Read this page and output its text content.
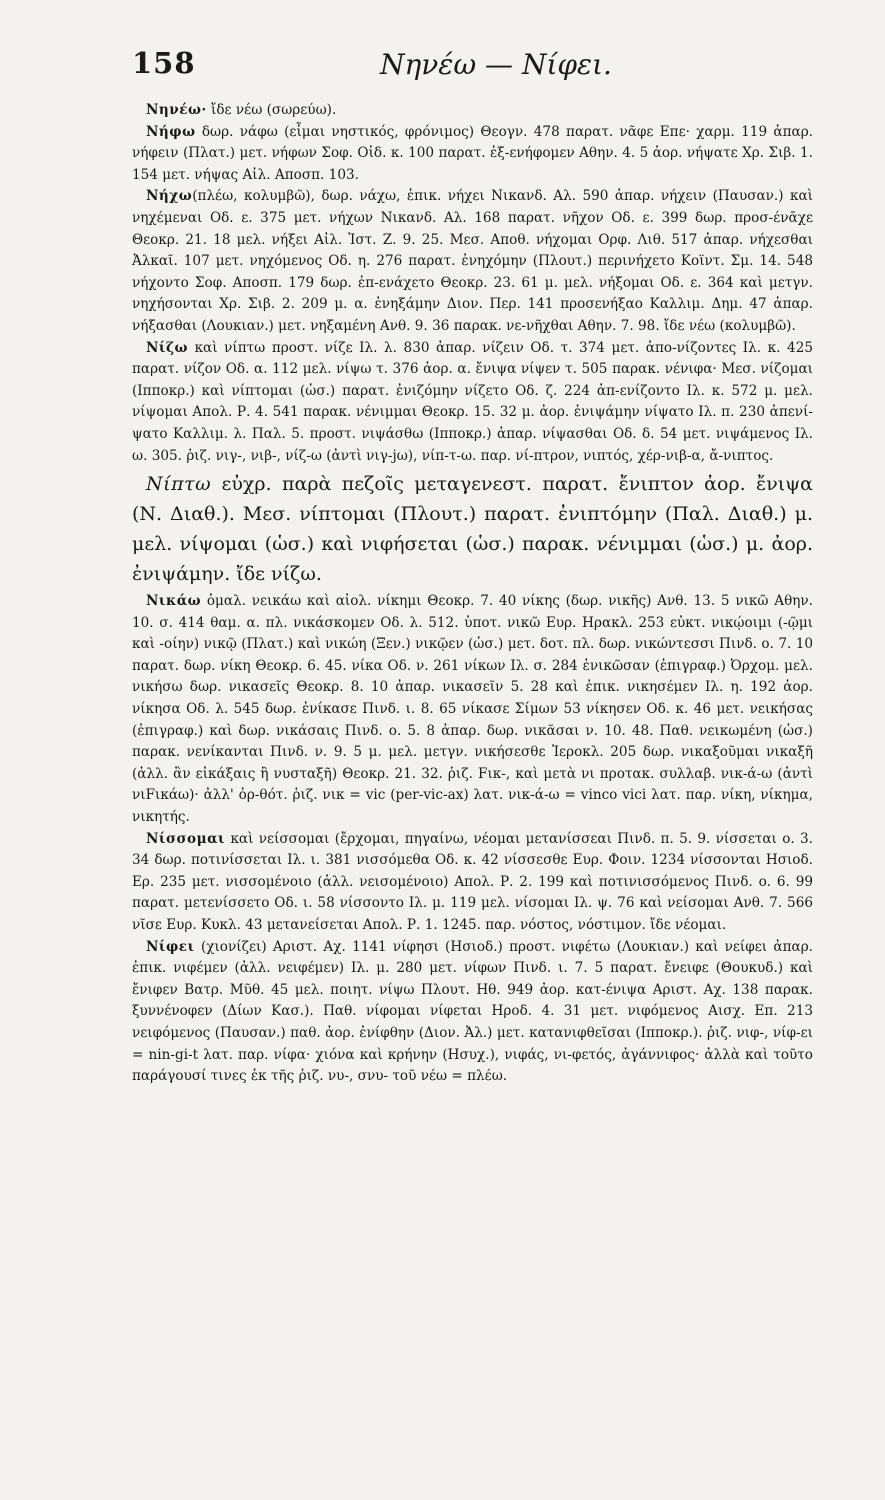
158	Νηνέω — Νίφει.

Νηνέω· ἴδε νέω (σωρεύω).

Νήφω δωρ. νάφω (εἶμαι νηστικός, φρόνιμος) Θεογν. 478 παρατ. νᾶφε Επε· χαρμ. 119 ἀπαρ. νήφειν (Πλατ.) μετ. νήφων Σοφ. Οἰδ. κ. 100 παρατ. ἐξ-ενήφομεν Αθην. 4. 5 ἀορ. νήψατε Χρ. Σιβ. 1. 154 μετ. νήψας Αἰλ. Αποσπ. 103.

Νήχω(πλέω, κολυμβῶ), δωρ. νάχω, ἐπικ. νήχει Νικανδ. Αλ. 590 ἀπαρ. νήχειν (Παυσαν.) καὶ νηχέμεναι Οδ. ε. 375 μετ. νήχων Νικανδ. Αλ. 168 παρατ. νῆχον Οδ. ε. 399 δωρ. προσ-ένᾱχε Θεοκρ. 21. 18 μελ. νήξει Αἰλ. Ἱστ. Ζ. 9. 25. Μεσ. Αποθ. νήχομαι Ορφ. Λιθ. 517 ἀπαρ. νήχεσθαι Ἀλκαῖ. 107 μετ. νηχόμενος Οδ. η. 276 παρατ. ἐνηχόμην (Πλουτ.) περινήχετο Κοϊντ. Σμ. 14. 548 νήχοντο Σοφ. Αποσπ. 179 δωρ. ἐπ-ενάχετο Θεοκρ. 23. 61 μ. μελ. νήξομαι Οδ. ε. 364 καὶ μετγν. νηχήσονται Χρ. Σιβ. 2. 209 μ. α. ἐνηξάμην Διον. Περ. 141 προσενήξαο Καλλιμ. Δημ. 47 ἀπαρ. νήξασθαι (Λουκιαν.) μετ. νηξαμένη Ανθ. 9. 36 παρακ. νε-νῆχθαι Αθην. 7. 98. ἴδε νέω (κολυμβῶ).

Νίζω καὶ νίπτω προστ. νίζε Ιλ. λ. 830 ἀπαρ. νίζειν Οδ. τ. 374 μετ. ἀπο-νίζοντες Ιλ. κ. 425 παρατ. νίζον Οδ. α. 112 μελ. νίψω τ. 376 ἀορ. α. ἔνιψα νίψεν τ. 505 παρακ. νένιφα· Μεσ. νίζομαι (Ιπποκρ.) καὶ νίπτομαι (ὡσ.) παρατ. ἐνιζόμην νίζετο Οδ. ζ. 224 ἀπ-ενίζοντο Ιλ. κ. 572 μ. μελ. νίψομαι Απολ. Ρ. 4. 541 παρακ. νένιμμαι Θεοκρ. 15. 32 μ. ἀορ. ἐνιψάμην νίψατο Ιλ. π. 230 ἀπενί-ψατο Καλλιμ. λ. Παλ. 5. προστ. νιψάσθω (Ιπποκρ.) ἀπαρ. νίψασθαι Οδ. δ. 54 μετ. νιψάμενος Ιλ. ω. 305. ῥιζ. νιγ-, νιβ-, νίζ-ω (ἀντὶ νιγ-jω), νίπ-τ-ω. παρ. νί-πτρον, νιπτός, χέρ-νιβ-α, ἄ-νιπτος.

Νίπτω εὐχρ. παρὰ πεζοῖς μεταγενεστ. παρατ. ἔνιπτον ἀορ. ἔνιψα (Ν. Διαθ.). Μεσ. νίπτομαι (Πλουτ.) παρατ. ἐνιπτόμην (Παλ. Διαθ.) μ. μελ. νίψομαι (ὡσ.) καὶ νιφήσεται (ὡσ.) παρακ. νένιμμαι (ὡσ.) μ. ἀορ. ἐνιψάμην. ἴδε νίζω.

Νικάω ὁμαλ. νεικάω καὶ αἰολ. νίκημι Θεοκρ. 7. 40 νίκης (δωρ. νικῆς) Ανθ. 13. 5 νικῶ Αθην. 10. σ. 414 θαμ. α. πλ. νικάσκομεν Οδ. λ. 512. ὑποτ. νικῶ Ευρ. Ηρακλ. 253 εὐκτ. νικῴοιμι (-ῷμι καὶ -οίην) νικῷ (Πλατ.) καὶ νικώη (Ξεν.) νικῷεν (ὡσ.) μετ. δοτ. πλ. δωρ. νικώντεσσι Πινδ. ο. 7. 10 παρατ. δωρ. νίκη Θεοκρ. 6. 45. νίκα Οδ. ν. 261 νίκων Ιλ. σ. 284 ἐνικῶσαν (ἐπιγραφ.) Ὀρχομ. μελ. νικήσω δωρ. νικασεῖς Θεοκρ. 8. 10 ἀπαρ. νικασεῖν 5. 28 καὶ ἐπικ. νικησέμεν Ιλ. η. 192 ἀορ. νίκησα Οδ. λ. 545 δωρ. ἐνίκασε Πινδ. ι. 8. 65 νίκασε Σίμων 53 νίκησεν Οδ. κ. 46 μετ. νεικήσας (ἐπιγραφ.) καὶ δωρ. νικάσαις Πινδ. ο. 5. 8 ἀπαρ. δωρ. νικᾶσαι ν. 10. 48. Παθ. νεικωμένη (ὡσ.) παρακ. νενίκανται Πινδ. ν. 9. 5 μ. μελ. μετγν. νικήσεσθε Ἱεροκλ. 205 δωρ. νικαξοῦμαι νικαξῆ (ἀλλ. ἂν εἰκάξαις ἢ νυσταξῆ) Θεοκρ. 21. 32. ῥιζ. Fικ-, καὶ μετὰ νι προτακ. συλλαβ. νικ-ά-ω (ἀντὶ νιFικάω)· ἀλλ' ὀρ-θότ. ῥιζ. νικ = vic (per-vic-ax) λατ. νικ-ά-ω = vinco vici λατ. παρ. νίκη, νίκημα, νικητής.

Νίσσομαι καὶ νείσσομαι (ἔρχομαι, πηγαίνω, νέομαι μετανίσσεαι Πινδ. π. 5. 9. νίσσεται ο. 3. 34 δωρ. ποτινίσσεται Ιλ. ι. 381 νισσόμεθα Οδ. κ. 42 νίσσεσθε Ευρ. Φοιν. 1234 νίσσονται Ησιοδ. Ερ. 235 μετ. νισσομένοιο (ἀλλ. νεισομένοιο) Απολ. Ρ. 2. 199 καὶ ποτινισσόμενος Πινδ. ο. 6. 99 παρατ. μετενίσσετο Οδ. ι. 58 νίσσοντο Ιλ. μ. 119 μελ. νίσομαι Ιλ. ψ. 76 καὶ νείσομαι Ανθ. 7. 566 νῖσε Ευρ. Κυκλ. 43 μετανείσεται Απολ. Ρ. 1. 1245. παρ. νόστος, νόστιμον. ἴδε νέομαι.

Νίφει (χιονίζει) Αριστ. Αχ. 1141 νίφησι (Ησιοδ.) προστ. νιφέτω (Λουκιαν.) καὶ νείφει ἀπαρ. ἐπικ. νιφέμεν (ἀλλ. νειφέμεν) Ιλ. μ. 280 μετ. νίφων Πινδ. ι. 7. 5 παρατ. ἔνειφε (Θουκυδ.) καὶ ἔνιφεν Βατρ. Μῦθ. 45 μελ. ποιητ. νίψω Πλουτ. Ηθ. 949 ἀορ. κατ-ένιψα Αριστ. Αχ. 138 παρακ. ξυννένοφεν (Δίων Κασ.). Παθ. νίφομαι νίφεται Ηροδ. 4. 31 μετ. νιφόμενος Αισχ. Επ. 213 νειφόμενος (Παυσαν.) παθ. ἀορ. ἐνίφθην (Διον. Ἀλ.) μετ. κατανιφθεῖσαι (Ιπποκρ.). ῥιζ. νιφ-, νίφ-ει = nin-gi-t λατ. παρ. νίφα· χιόνα καὶ κρήνην (Ησυχ.), νιφάς, νι-φετός, ἀγάννιφος· ἀλλὰ καὶ τοῦτο παράγουσί τινες ἐκ τῆς ῥιζ. νυ-, σνυ- τοῦ νέω = πλέω.
